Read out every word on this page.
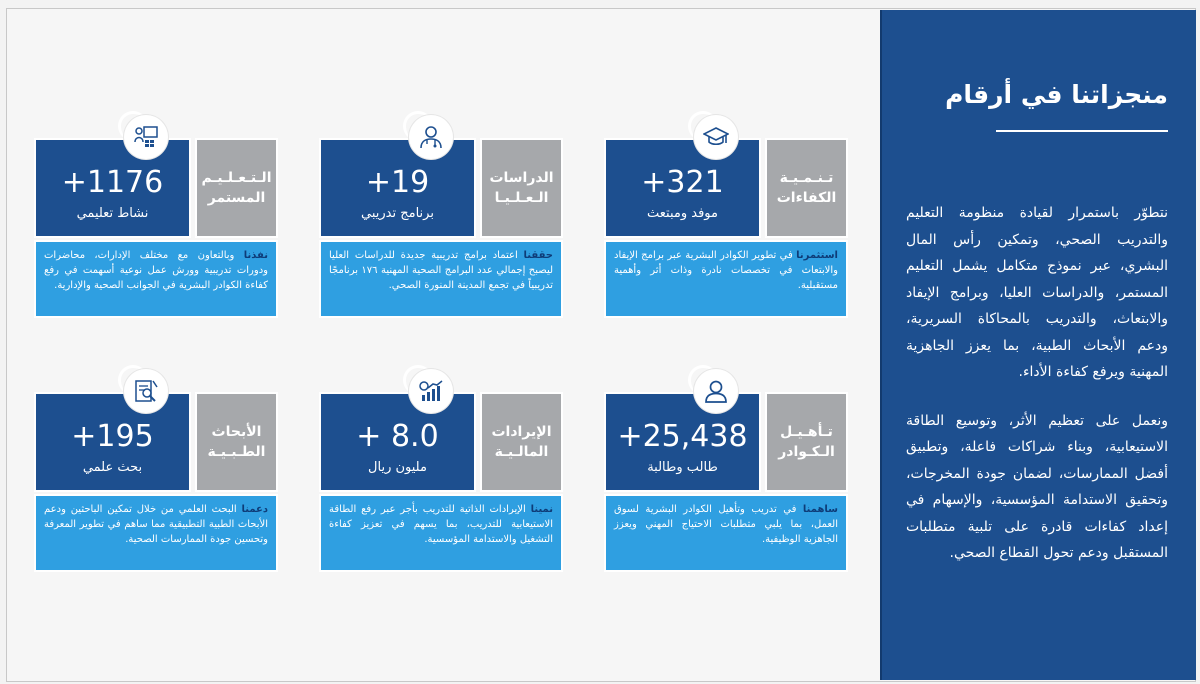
منجزاتنا في أرقام

نتطوّر باستمرار لقيادة منظومة التعليم والتدريب الصحي، وتمكين رأس المال البشري، عبر نموذج متكامل يشمل التعليم المستمر، والدراسات العليا، وبرامج الإيفاد والابتعاث، والتدريب بالمحاكاة السريرية، ودعم الأبحاث الطبية، بما يعزز الجاهزية المهنية ويرفع كفاءة الأداء.

ونعمل على تعظيم الأثر، وتوسيع الطاقة الاستيعابية، وبناء شراكات فاعلة، وتطبيق أفضل الممارسات، لضمان جودة المخرجات، وتحقيق الاستدامة المؤسسية، والإسهام في إعداد كفاءات قادرة على تلبية متطلبات المستقبل ودعم تحول القطاع الصحي.

+321
موفد ومبتعث
تـنـمـيـة الكفاءات
استثمرنا في تطوير الكوادر البشرية عبر برامج الإيفاد والابتعاث في تخصصات نادرة وذات أثر وأهمية مستقبلية.
+19
برنامج تدريبي
الدراسات الـعـلـيـا
حققنا اعتماد برامج تدريبية جديدة للدراسات العليا ليصبح إجمالي عدد البرامج الصحية المهنية ١٧٦ برنامجًا تدريبياً في تجمع المدينة المنورة الصحي.
+1176
نشاط تعليمي
الـتـعـلـيـم المستمر
نفذنا وبالتعاون مع مختلف الإدارات، محاضرات ودورات تدريبية وورش عمل نوعية أسهمت في رفع كفاءة الكوادر البشرية في الجوانب الصحية والإدارية.
+25,438
طالب وطالبة
تـأهـيـل الـكـوادر
ساهمنا في تدريب وتأهيل الكوادر البشرية لسوق العمل، بما يلبي متطلبات الاحتياج المهني ويعزز الجاهزية الوظيفية.
+ 8.0
مليون ريال
الإيرادات المالـيـة
نمينا الإيرادات الذاتية للتدريب بأجر عبر رفع الطاقة الاستيعابية للتدريب، بما يسهم في تعزيز كفاءة التشغيل والاستدامة المؤسسية.
+195
بحث علمي
الأبحاث الطـبـيـة
دعمنا البحث العلمي من خلال تمكين الباحثين ودعم الأبحاث الطبية التطبيقية مما ساهم في تطوير المعرفة وتحسين جودة الممارسات الصحية.
